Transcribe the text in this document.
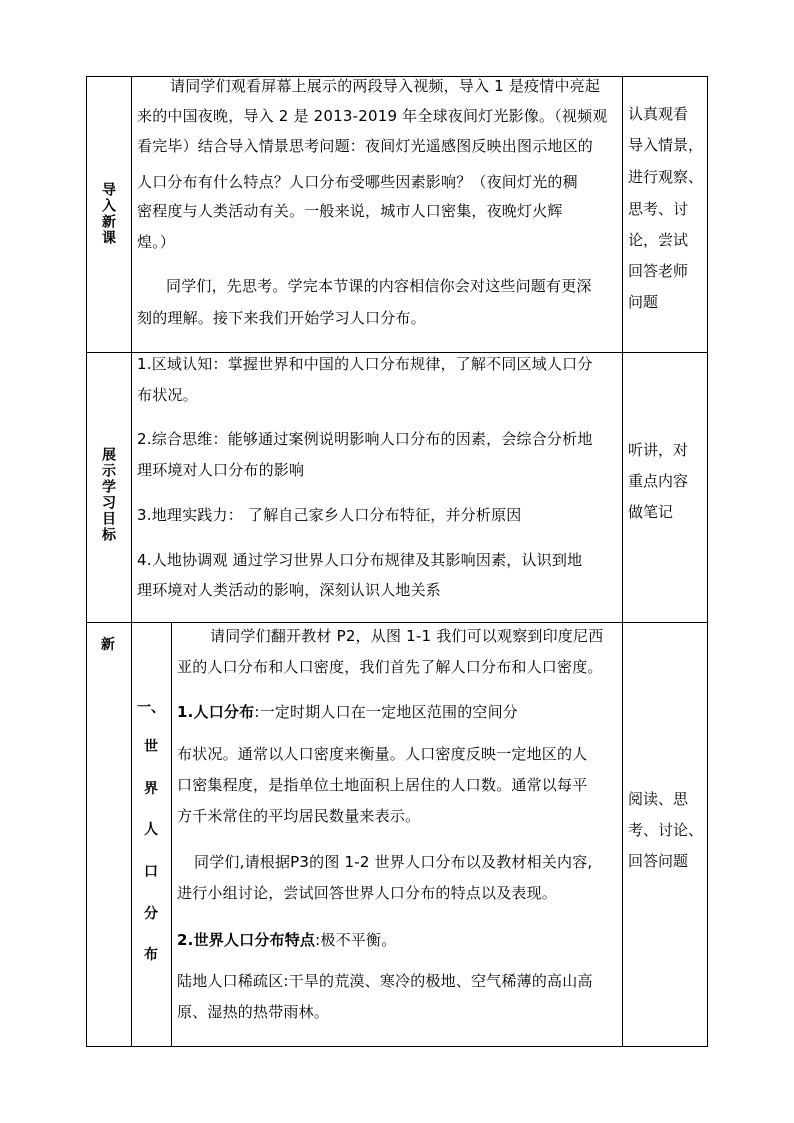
导入新课
请同学们观看屏幕上展示的两段导入视频，导入 1 是疫情中亮起
来的中国夜晚，导入 2 是 2013-2019 年全球夜间灯光影像。（视频观
看完毕）结合导入情景思考问题：夜间灯光遥感图反映出图示地区的
人口分布有什么特点？人口分布受哪些因素影响？（夜间灯光的稠
密程度与人类活动有关。一般来说，城市人口密集，夜晚灯火辉
煌。）
同学们，先思考。学完本节课的内容相信你会对这些问题有更深
刻的理解。接下来我们开始学习人口分布。
认真观看
导入情景，
进行观察、
思考、讨
论，尝试
回答老师
问题
展示学习目标
1.区域认知：掌握世界和中国的人口分布规律，了解不同区域人口分
布状况。
2.综合思维：能够通过案例说明影响人口分布的因素，会综合分析地
理环境对人口分布的影响
3.地理实践力： 了解自己家乡人口分布特征，并分析原因
4.人地协调观 通过学习世界人口分布规律及其影响因素，认识到地
理环境对人类活动的影响，深刻认识人地关系
听讲，对
重点内容
做笔记
新
一、
世
界
人
口
分
布
请同学们翻开教材 P2，从图 1-1 我们可以观察到印度尼西
亚的人口分布和人口密度，我们首先了解人口分布和人口密度。
1.人口分布:一定时期人口在一定地区范围的空间分
布状况。通常以人口密度来衡量。人口密度反映一定地区的人
口密集程度，是指单位土地面积上居住的人口数。通常以每平
方千米常住的平均居民数量来表示。
同学们,请根据P3的图 1-2 世界人口分布以及教材相关内容,
进行小组讨论，尝试回答世界人口分布的特点以及表现。
2.世界人口分布特点:极不平衡。
陆地人口稀疏区:干旱的荒漠、寒冷的极地、空气稀薄的高山高
原、湿热的热带雨林。
阅读、思
考、讨论、
回答问题
